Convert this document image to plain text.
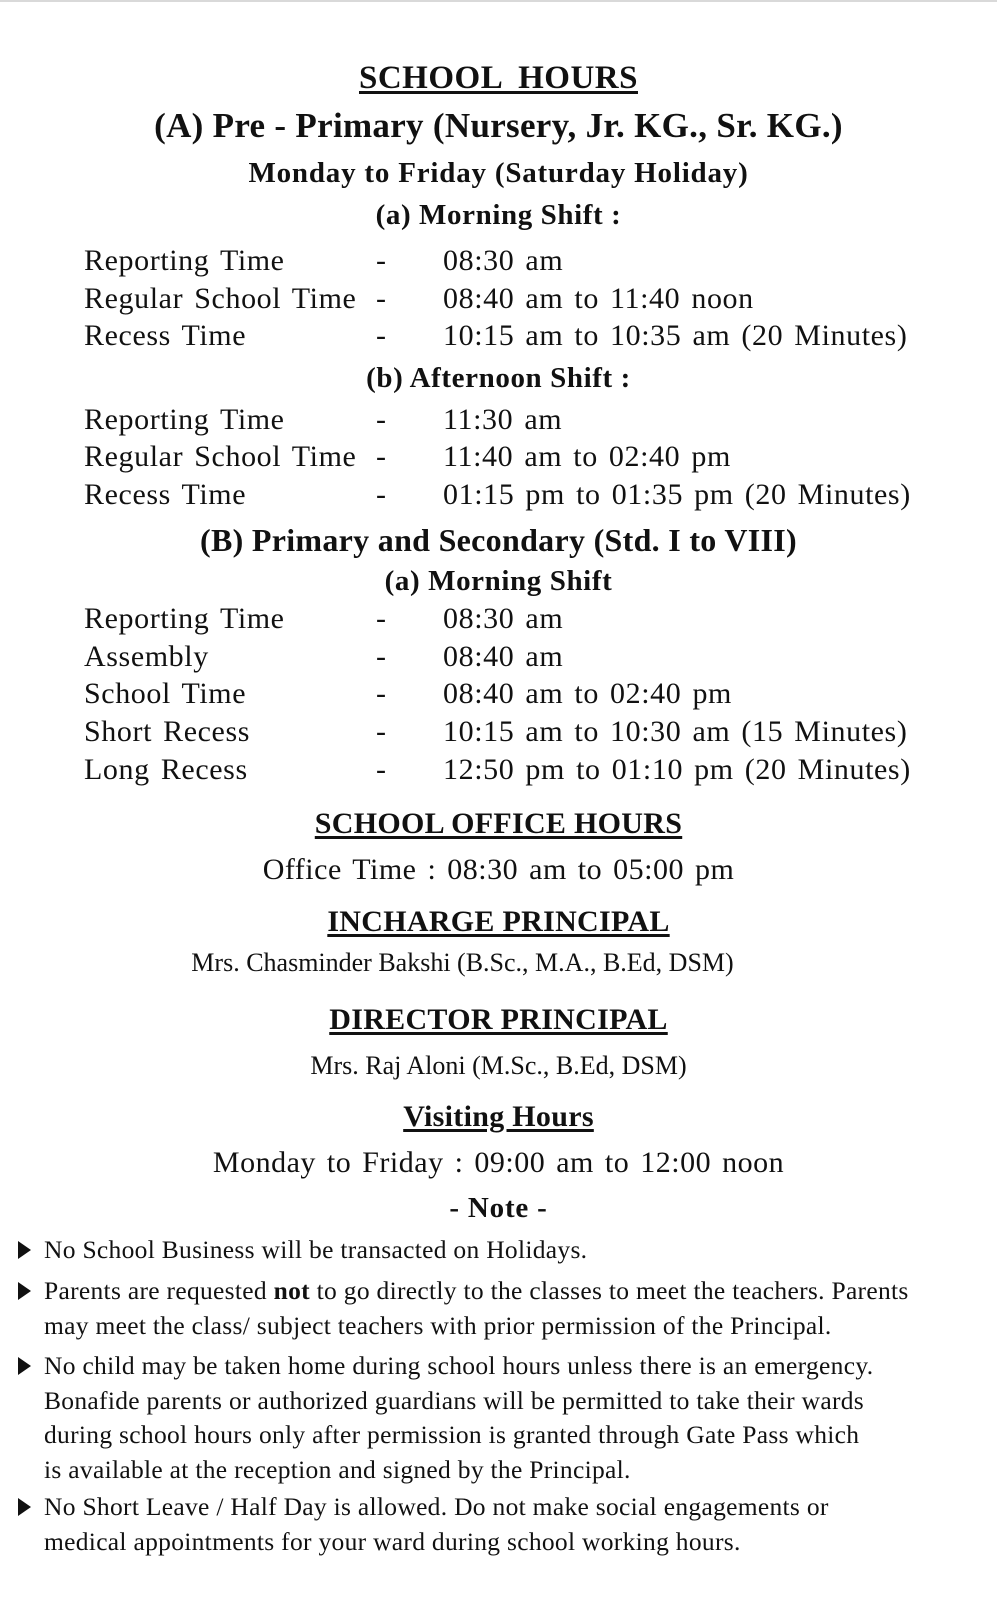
SCHOOL HOURS
(A) Pre - Primary (Nursery, Jr. KG., Sr. KG.)
Monday to Friday (Saturday Holiday)
(a) Morning Shift :
Reporting Time	- 08:30 am
Regular School Time - 08:40 am to 11:40 noon
Recess Time	- 10:15 am to 10:35 am (20 Minutes)
(b) Afternoon Shift :
Reporting Time	- 11:30 am
Regular School Time - 11:40 am to 02:40 pm
Recess Time	- 01:15 pm to 01:35 pm (20 Minutes)
(B) Primary and Secondary (Std. I to VIII)
(a) Morning Shift
Reporting Time	- 08:30 am
Assembly	- 08:40 am
School Time	- 08:40 am to 02:40 pm
Short Recess	- 10:15 am to 10:30 am (15 Minutes)
Long Recess	- 12:50 pm to 01:10 pm (20 Minutes)
SCHOOL OFFICE HOURS
Office Time : 08:30 am to 05:00 pm
INCHARGE PRINCIPAL
Mrs. Chasminder Bakshi (B.Sc., M.A., B.Ed, DSM)
DIRECTOR PRINCIPAL
Mrs. Raj Aloni (M.Sc., B.Ed, DSM)
Visiting Hours
Monday to Friday : 09:00 am to 12:00 noon
- Note -
No School Business will be transacted on Holidays.
Parents are requested not to go directly to the classes to meet the teachers. Parents
may meet the class/ subject teachers with prior permission of the Principal.
No child may be taken home during school hours unless there is an emergency.
Bonafide parents or authorized guardians will be permitted to take their wards
during school hours only after permission is granted through Gate Pass which
is available at the reception and signed by the Principal.
No Short Leave / Half Day is allowed. Do not make social engagements or
medical appointments for your ward during school working hours.
